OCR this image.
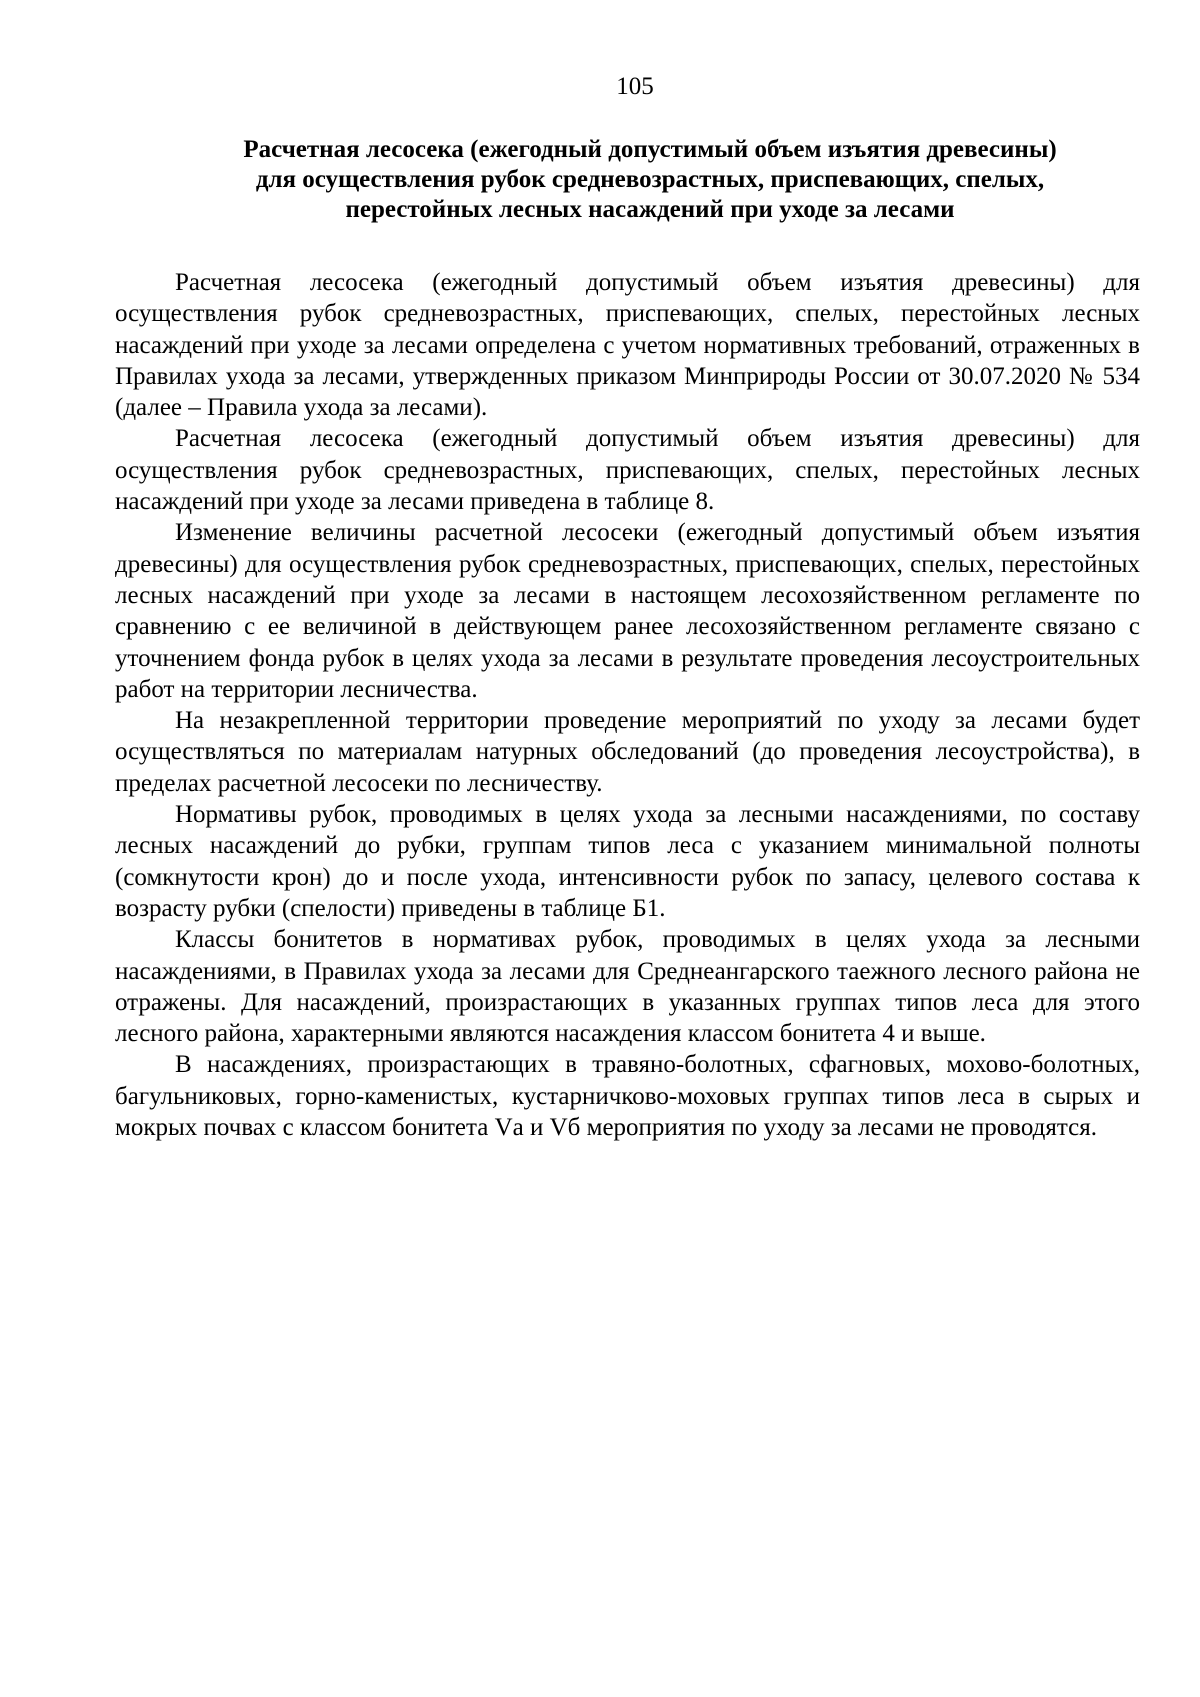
105
Расчетная лесосека (ежегодный допустимый объем изъятия древесины)
для осуществления рубок средневозрастных, приспевающих, спелых,
перестойных лесных насаждений при уходе за лесами

Расчетная лесосека (ежегодный допустимый объем изъятия древесины) для осуществления рубок средневозрастных, приспевающих, спелых, перестойных лесных насаждений при уходе за лесами определена с учетом нормативных требований, отраженных в Правилах ухода за лесами, утвержденных приказом Минприроды России от 30.07.2020 № 534 (далее – Правила ухода за лесами).

Расчетная лесосека (ежегодный допустимый объем изъятия древесины) для осуществления рубок средневозрастных, приспевающих, спелых, перестойных лесных насаждений при уходе за лесами приведена в таблице 8.

Изменение величины расчетной лесосеки (ежегодный допустимый объем изъятия древесины) для осуществления рубок средневозрастных, приспевающих, спелых, перестойных лесных насаждений при уходе за лесами в настоящем лесохозяйственном регламенте по сравнению с ее величиной в действующем ранее лесохозяйственном регламенте связано с уточнением фонда рубок в целях ухода за лесами в результате проведения лесоустроительных работ на территории лесничества.

На незакрепленной территории проведение мероприятий по уходу за лесами будет осуществляться по материалам натурных обследований (до проведения лесоустройства), в пределах расчетной лесосеки по лесничеству.

Нормативы рубок, проводимых в целях ухода за лесными насаждениями, по составу лесных насаждений до рубки, группам типов леса с указанием минимальной полноты (сомкнутости крон) до и после ухода, интенсивности рубок по запасу, целевого состава к возрасту рубки (спелости) приведены в таблице Б1.

Классы бонитетов в нормативах рубок, проводимых в целях ухода за лесными насаждениями, в Правилах ухода за лесами для Среднеангарского таежного лесного района не отражены. Для насаждений, произрастающих в указанных группах типов леса для этого лесного района, характерными являются насаждения классом бонитета 4 и выше.

В насаждениях, произрастающих в травяно-болотных, сфагновых, мохово-болотных, багульниковых, горно-каменистых, кустарничково-моховых группах типов леса в сырых и мокрых почвах с классом бонитета Vа и Vб мероприятия по уходу за лесами не проводятся.
